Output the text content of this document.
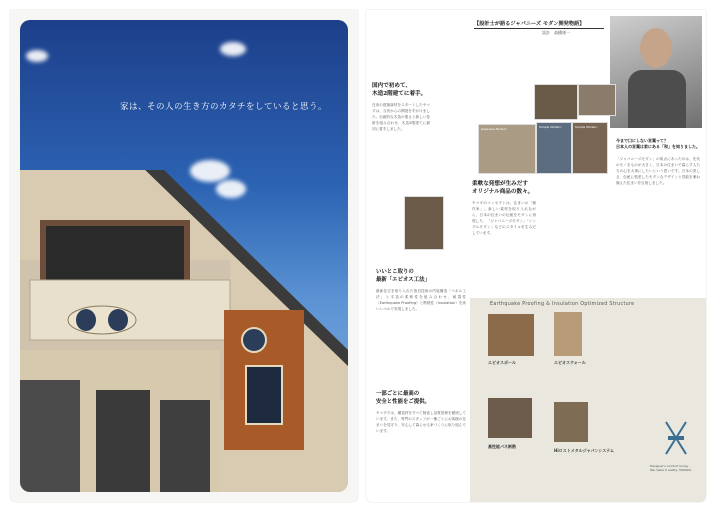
家は、その人の生き方のカタチをしていると思う。
【設計士が語るジャパニーズ モダン開発物語】
設計　高橋康一
国内で初めて、
木造2階建てに着手。
在来の建築資材をスタートしたヤマダは、当初からの開発を手がけました。伝統的な木造の強さと新しい技術を組み合わせ、木造2階建てに最初に着手しました。	Japanese Modern	Simple Modern	Simple Modern
柔軟な発想が生みだす
オリジナル商品の数々。
ヤマダのコンセプトは、住まいの「創作家」。新しい素材を取り入れながら、日本の住まいの伝統をモダンに再現した、「ジャパニーズモダン」「シンプルモダン」などのスタイルを生みだしています。
いいとこ取りの
最新「エビオス工法」
最新住宅を取り入れた独自技術の内装構造「パネル工法」と木造の柔軟性を組み合わせ、耐震性（Earthquake Proofing）と断熱性（Insulation）を高いレベルで実現しました。
一部ごとに最高の
安全と性能をご提供。
ヤマダでは、構造材をすべて検査し品質管理を徹底しています。また、専門のスタッフが一棟ごとにお客様の住まいを見守り、安心して暮らせる家づくりに取り組んでいます。
今まで口にしない言葉って？
日本人の言葉は家にある「和」を知りました。
「ジャパニーズモダン」の原点にあったのは、先代のモノをものが大きく、日本の住まいで暮らす人たちの心を大事にしたいという思いです。日本の美しさ、伝統に根差したモダンなデザインと性能を兼ね備えた住まいを目指しました。
Earthquake Proofing & Insulation Optimized Structure
エビオスポール	エビオスウォール
高性能パネ断熱
Hiロストメタルジャパンシステム
Designer's comfort living,
We make it reality. YAMADA
